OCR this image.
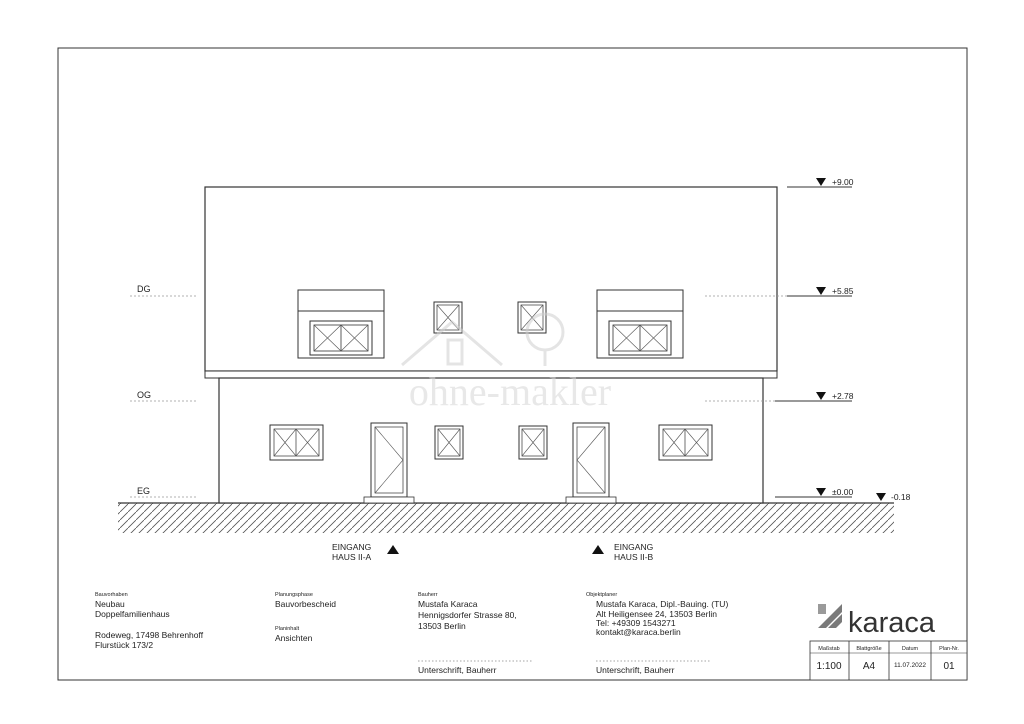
DG
OG
EG
+9.00
+5.85
+2.78
±0.00	-0.18
EINGANG
HAUS II-A
EINGANG
HAUS II-B
ohne-makler
Bauvorhaben
Neubau
Doppelfamilienhaus
Rodeweg, 17498 Behrenhoff
Flurstück 173/2
Planungsphase
Bauvorbescheid
Planinhalt
Ansichten
Bauherr
Mustafa Karaca
Hennigsdorfer Strasse 80,
13503 Berlin
Unterschrift, Bauherr
Objektplaner
Mustafa Karaca, Dipl.-Bauing. (TU)
Alt Heiligensee 24, 13503 Berlin
Tel: +49309 1543271
kontakt@karaca.berlin
Unterschrift, Bauherr
karaca
Maßstab	Blattgröße	Datum	Plan-Nr.
1:100 A4	11.07.2022 01
